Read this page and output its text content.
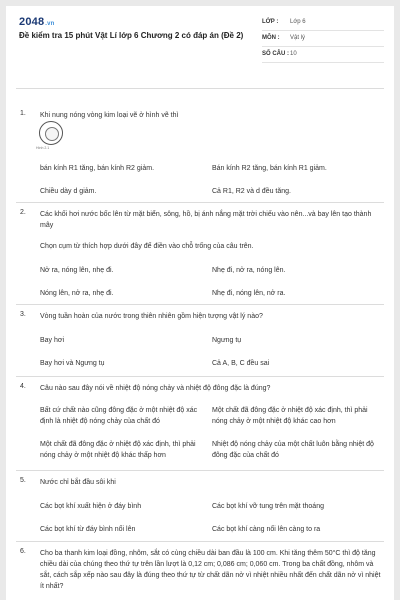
2048.vn
Đề kiểm tra 15 phút Vật Lí lớp 6 Chương 2 có đáp án (Đề 2)
LỚP : Lớp 6
MÔN : Vật lý
SỐ CÂU : 10
1. Khi nung nóng vòng kim loại vẽ ở hình vẽ thì
Hình 2.1
bán kính R1 tăng, bán kính R2 giảm.	Bán kính R2 tăng, bán kính R1 giảm.
Chiều dày d giảm.	Cả R1, R2 và d đều tăng.
2. Các khối hơi nước bốc lên từ mặt biển, sông, hồ, bị ánh nắng mặt trời chiếu vào nên...và bay lên tạo thành mây
Chọn cụm từ thích hợp dưới đây để điền vào chỗ trống của câu trên.
Nở ra, nóng lên, nhẹ đi.	Nhẹ đi, nở ra, nóng lên.
Nóng lên, nở ra, nhẹ đi.	Nhẹ đi, nóng lên, nở ra.
3. Vòng tuần hoàn của nước trong thiên nhiên gồm hiện tượng vật lý nào?
Bay hơi	Ngưng tụ
Bay hơi và Ngưng tụ	Cả A, B, C đều sai
4. Câu nào sau đây nói về nhiệt độ nóng chảy và nhiệt độ đông đặc là đúng?
Bất cứ chất nào cũng đông đặc ở một nhiệt độ xác định là nhiệt độ nóng chảy của chất đó
Một chất đã đông đặc ở nhiệt độ xác định, thì phải nóng chảy ở một nhiệt độ khác cao hơn
Một chất đã đông đặc ở nhiệt độ xác định, thì phải nóng chảy ở một nhiệt độ khác thấp hơn
Nhiệt độ nóng chảy của một chất luôn bằng nhiệt độ đông đặc của chất đó
5. Nước chỉ bắt đầu sôi khi
Các bọt khí xuất hiện ở đáy bình	Các bọt khí vỡ tung trên mặt thoáng
Các bọt khí từ đáy bình nổi lên	Các bọt khí càng nổi lên càng to ra
6. Cho ba thanh kim loại đồng, nhôm, sắt có cùng chiều dài ban đầu là 100 cm. Khi tăng thêm 50°C thì độ tăng chiều dài của chúng theo thứ tự trên lần lượt là 0,12 cm; 0,086 cm; 0,060 cm. Trong ba chất đồng, nhôm và sắt, cách sắp xếp nào sau đây là đúng theo thứ tự từ chất dãn nở vì nhiệt nhiều nhất đến chất dãn nở vì nhiệt ít nhất?
